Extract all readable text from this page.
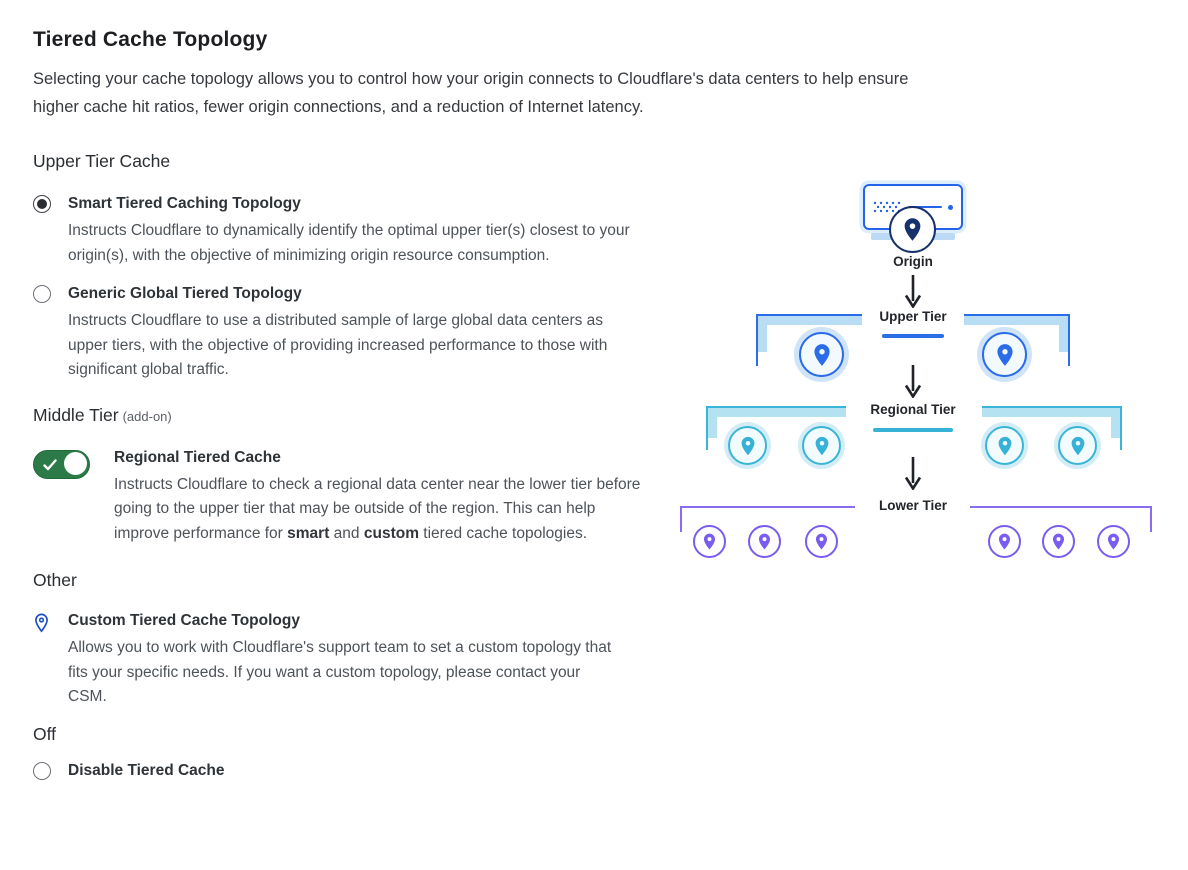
Tiered Cache Topology

Selecting your cache topology allows you to control how your origin connects to Cloudflare's data centers to help ensure higher cache hit ratios, fewer origin connections, and a reduction of Internet latency.

Upper Tier Cache
Smart Tiered Caching Topology
Instructs Cloudflare to dynamically identify the optimal upper tier(s) closest to your origin(s), with the objective of minimizing origin resource consumption.
Generic Global Tiered Topology
Instructs Cloudflare to use a distributed sample of large global data centers as upper tiers, with the objective of providing increased performance to those with significant global traffic.
Middle Tier (add-on)
Regional Tiered Cache
Instructs Cloudflare to check a regional data center near the lower tier before going to the upper tier that may be outside of the region. This can help improve performance for smart and custom tiered cache topologies.
Other
Custom Tiered Cache Topology
Allows you to work with Cloudflare's support team to set a custom topology that fits your specific needs. If you want a custom topology, please contact your CSM.
Off
Disable Tiered Cache
Origin
Upper Tier
Regional Tier
Lower Tier
